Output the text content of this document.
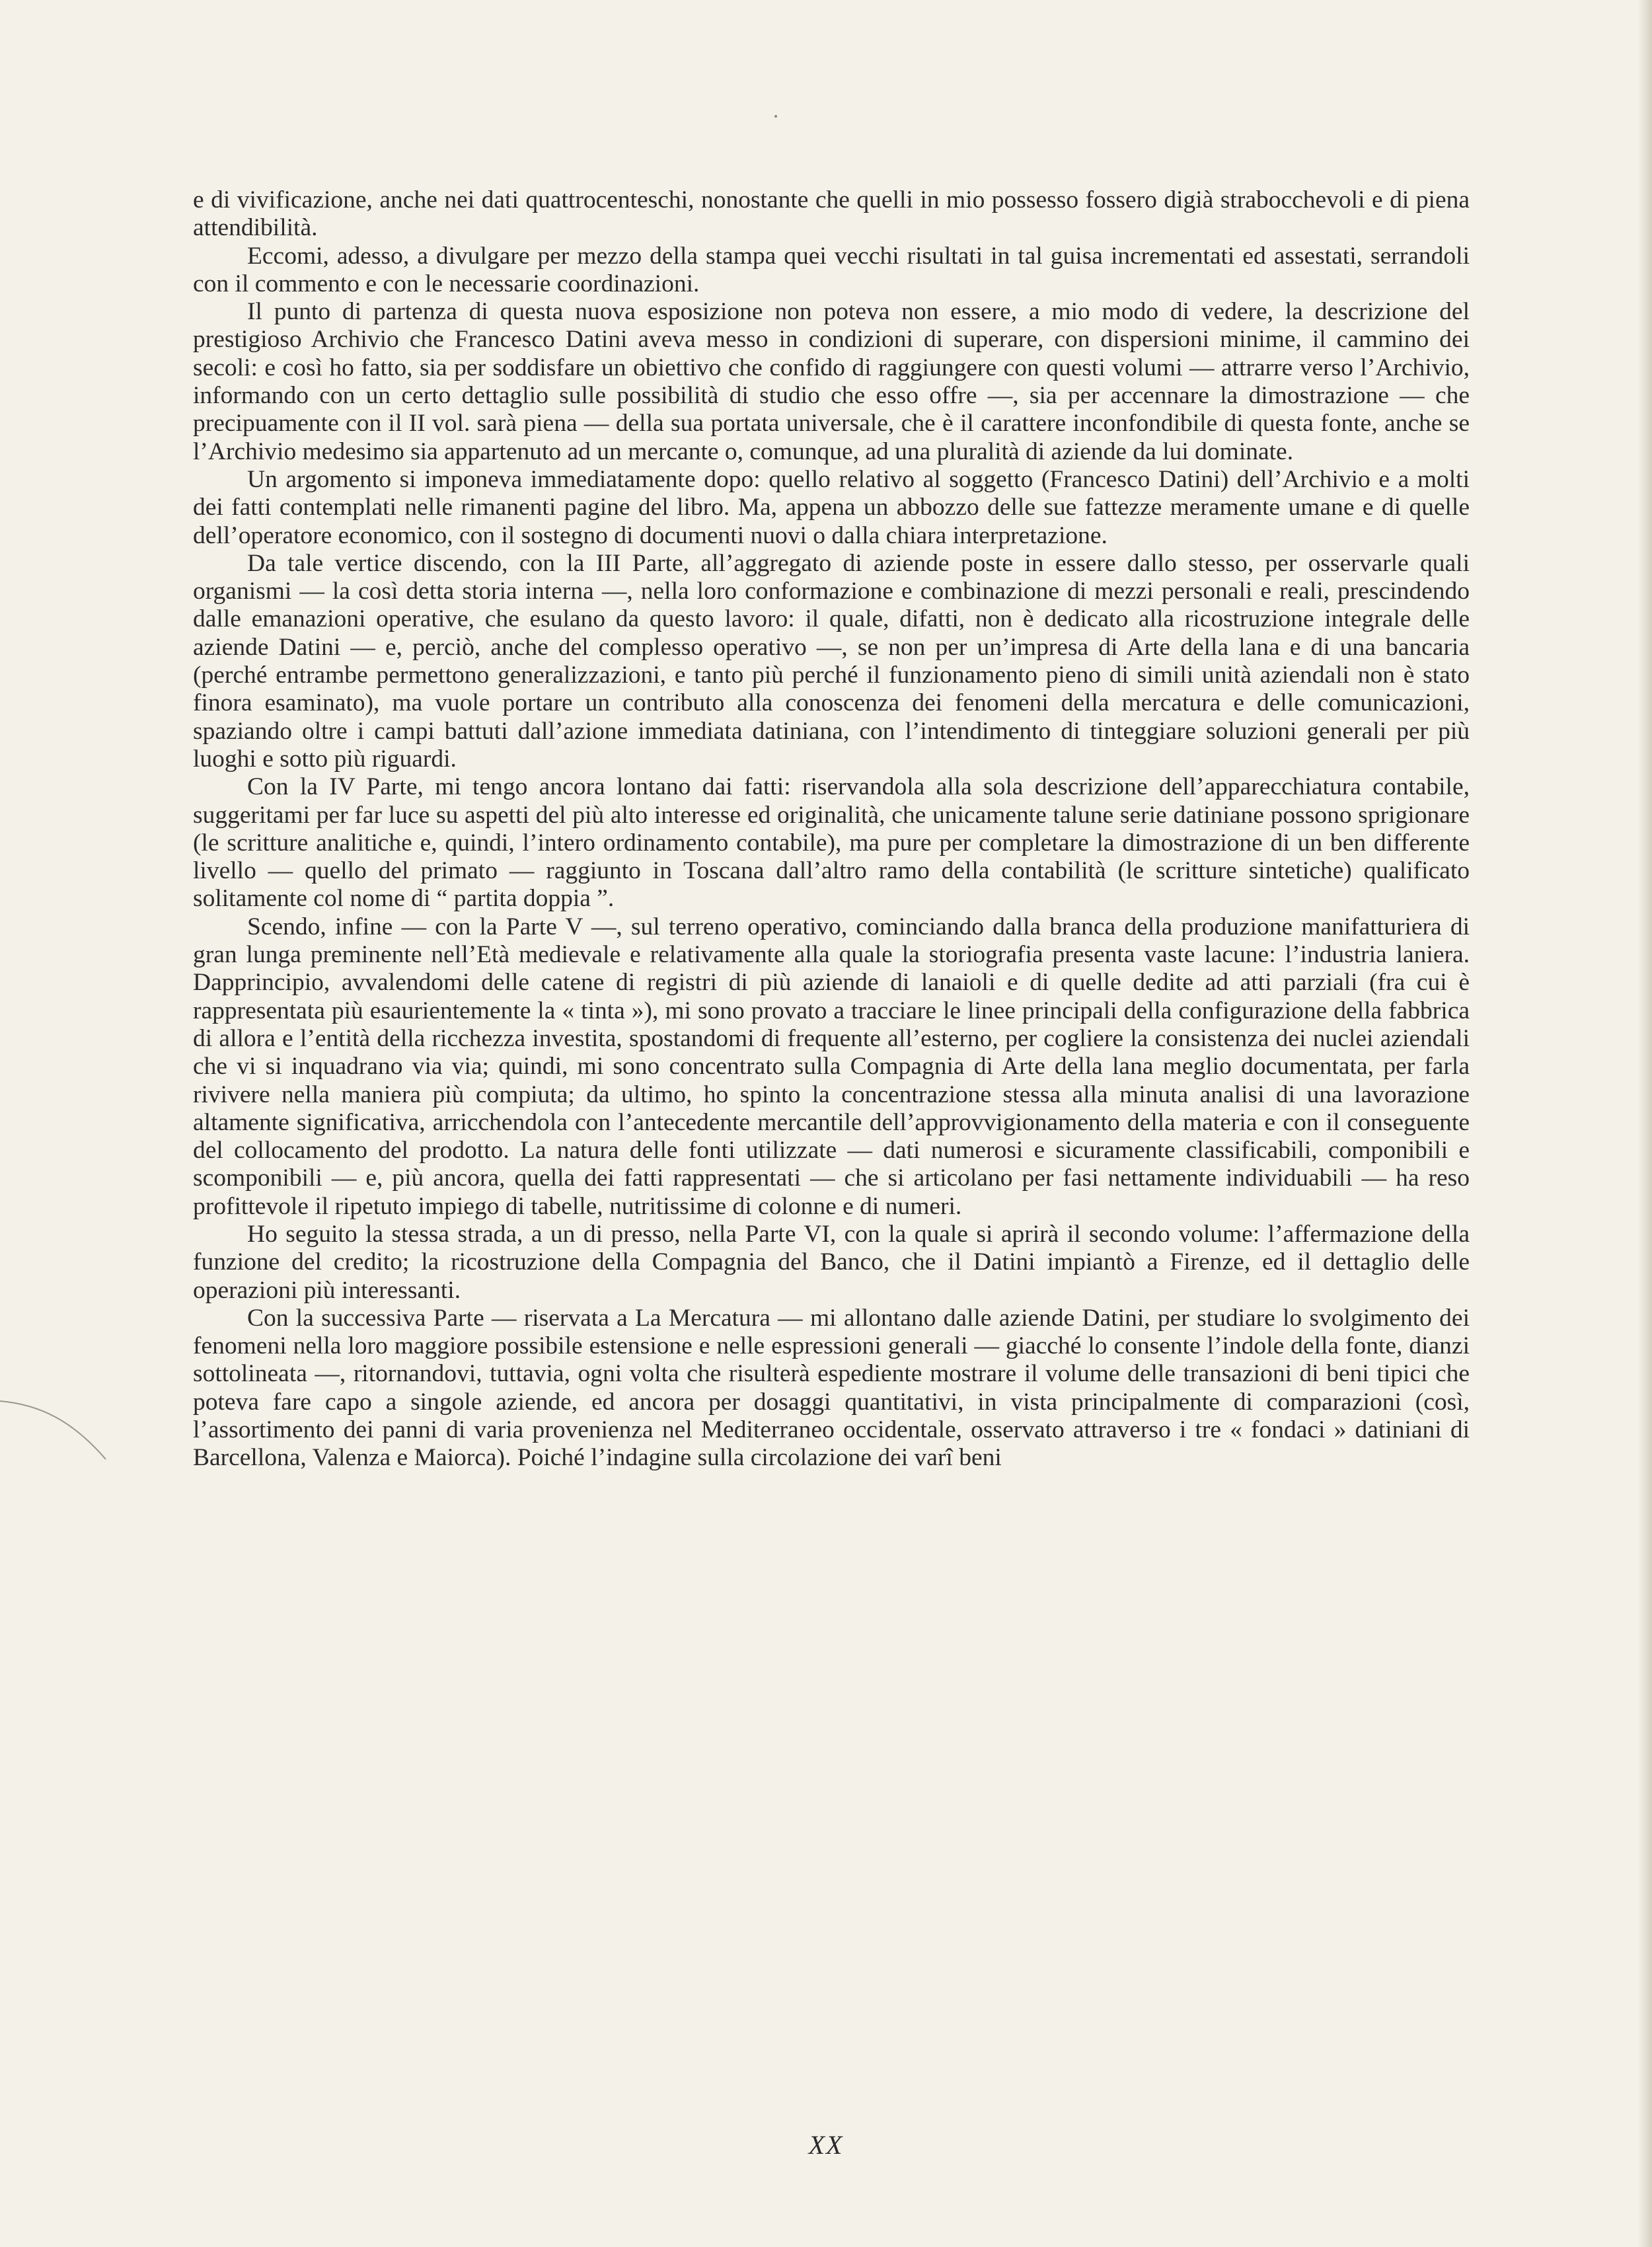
e di vivificazione, anche nei dati quattrocenteschi, nonostante che quelli in mio possesso fossero digià strabocchevoli e di piena attendibilità.

Eccomi, adesso, a divulgare per mezzo della stampa quei vecchi risultati in tal guisa incrementati ed assestati, serrandoli con il commento e con le necessarie coordinazioni.

Il punto di partenza di questa nuova esposizione non poteva non essere, a mio modo di vedere, la descrizione del prestigioso Archivio che Francesco Datini aveva messo in condizioni di superare, con dispersioni minime, il cammino dei secoli: e così ho fatto, sia per soddisfare un obiettivo che confido di raggiungere con questi volumi — attrarre verso l’Archivio, informando con un certo dettaglio sulle possibilità di studio che esso offre —, sia per accennare la dimostrazione — che precipuamente con il II vol. sarà piena — della sua portata universale, che è il carattere inconfondibile di questa fonte, anche se l’Archivio medesimo sia appartenuto ad un mercante o, comunque, ad una pluralità di aziende da lui dominate.

Un argomento si imponeva immediatamente dopo: quello relativo al soggetto (Francesco Datini) dell’Archivio e a molti dei fatti contemplati nelle rimanenti pagine del libro. Ma, appena un abbozzo delle sue fattezze meramente umane e di quelle dell’operatore economico, con il sostegno di documenti nuovi o dalla chiara interpretazione.

Da tale vertice discendo, con la III Parte, all’aggregato di aziende poste in essere dallo stesso, per osservarle quali organismi — la così detta storia interna —, nella loro conformazione e combinazione di mezzi personali e reali, prescindendo dalle emanazioni operative, che esulano da questo lavoro: il quale, difatti, non è dedicato alla ricostruzione integrale delle aziende Datini — e, perciò, anche del complesso operativo —, se non per un’impresa di Arte della lana e di una bancaria (perché entrambe permettono generalizzazioni, e tanto più perché il funzionamento pieno di simili unità aziendali non è stato finora esaminato), ma vuole portare un contributo alla conoscenza dei fenomeni della mercatura e delle comunicazioni, spaziando oltre i campi battuti dall’azione immediata datiniana, con l’intendimento di tinteggiare soluzioni generali per più luoghi e sotto più riguardi.

Con la IV Parte, mi tengo ancora lontano dai fatti: riservandola alla sola descrizione dell’apparecchiatura contabile, suggeritami per far luce su aspetti del più alto interesse ed originalità, che unicamente talune serie datiniane possono sprigionare (le scritture analitiche e, quindi, l’intero ordinamento contabile), ma pure per completare la dimostrazione di un ben differente livello — quello del primato — raggiunto in Toscana dall’altro ramo della contabilità (le scritture sintetiche) qualificato solitamente col nome di “ partita doppia ”.

Scendo, infine — con la Parte V —, sul terreno operativo, cominciando dalla branca della produzione manifatturiera di gran lunga preminente nell’Età medievale e relativamente alla quale la storiografia presenta vaste lacune: l’industria laniera. Dapprincipio, avvalendomi delle catene di registri di più aziende di lanaioli e di quelle dedite ad atti parziali (fra cui è rappresentata più esaurientemente la « tinta »), mi sono provato a tracciare le linee principali della configurazione della fabbrica di allora e l’entità della ricchezza investita, spostandomi di frequente all’esterno, per cogliere la consistenza dei nuclei aziendali che vi si inquadrano via via; quindi, mi sono concentrato sulla Compagnia di Arte della lana meglio documentata, per farla rivivere nella maniera più compiuta; da ultimo, ho spinto la concentrazione stessa alla minuta analisi di una lavorazione altamente significativa, arricchendola con l’antecedente mercantile dell’approvvigionamento della materia e con il conseguente del collocamento del prodotto. La natura delle fonti utilizzate — dati numerosi e sicuramente classificabili, componibili e scomponibili — e, più ancora, quella dei fatti rappresentati — che si articolano per fasi nettamente individuabili — ha reso profittevole il ripetuto impiego di tabelle, nutritissime di colonne e di numeri.

Ho seguito la stessa strada, a un di presso, nella Parte VI, con la quale si aprirà il secondo volume: l’affermazione della funzione del credito; la ricostruzione della Compagnia del Banco, che il Datini impiantò a Firenze, ed il dettaglio delle operazioni più interessanti.

Con la successiva Parte — riservata a La Mercatura — mi allontano dalle aziende Datini, per studiare lo svolgimento dei fenomeni nella loro maggiore possibile estensione e nelle espressioni generali — giacché lo consente l’indole della fonte, dianzi sottolineata —, ritornandovi, tuttavia, ogni volta che risulterà espediente mostrare il volume delle transazioni di beni tipici che poteva fare capo a singole aziende, ed ancora per dosaggi quantitativi, in vista principalmente di comparazioni (così, l’assortimento dei panni di varia provenienza nel Mediterraneo occidentale, osservato attraverso i tre « fondaci » datiniani di Barcellona, Valenza e Maiorca). Poiché l’indagine sulla circolazione dei varî beni

XX
